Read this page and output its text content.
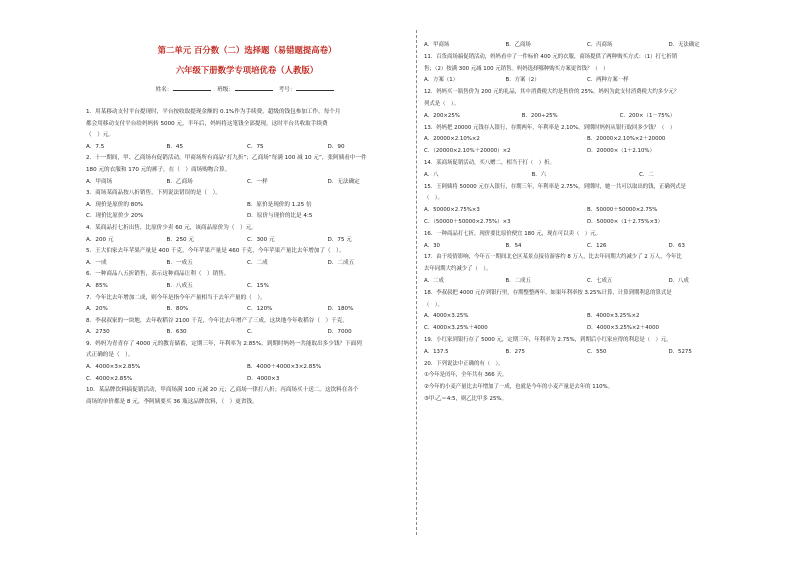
第二单元 百分数（二）选择题（易错题提高卷）
六年级下册数学专项培优卷（人教版）
姓名：	班级：	考号：
1．用某移动支付平台提现时，平台按收取提现金额的 0.1%作为手续费，超级的钱包参加工作，每个月
都会用移动支付平台给妈妈转 5000 元，半年后，妈妈将这笔钱全部提现，这时平台共收取手续费
（　）元。
A．7.5	B．45	C．75	D．90
2．十一期间，甲、乙商场有促销活动，甲商场所有商品“打九折”；乙商场“每满 100 减 10 元”，张阿姨看中一件
180 元的衣服和 170 元的裤子，在（　）商场购物合算。
A．甲商场	B．乙商场	C．一样	D．无法确定
3．商场某商品按八折销售，下列说法错误的是（　）。
A．现价是原价的 80%	B．原价是现价的 1.25 倍
C．现价比原价少 20%	D．原价与现价的比是 4:5
4．某商品打七折出售，比原价少卖 60 元，该商品原价为（　）元。
A．200 元	B．250 元	C．300 元	D．75 元
5．王大伯家去年苹果产量是 400 千克，今年苹果产量是 460 千克，今年苹果产量比去年增加了（　）。
A．一成	B．一成五	C．二成	D．二成五
6．一种商品八五折销售，表示这种商品让利（　）销售。
A．85%	B．八成五	C．15%
7．今年比去年增加二成，则今年是指今年产量相当于去年产量的（　）。
A．20%	B．80%	C．120%	D．180%
8．李叔叔家的一块地，去年收稻谷 2100 千克，今年比去年增产了三成，这块地今年收稻谷（　）千克。
A．2730	B．630	C．	D．7000
9．妈妈为青青存了 4000 元的教育储蓄，定期三年，年利率为 2.85%，到期时妈妈一共能取出多少钱？下面列
式正确的是（　）。
A．4000×3×2.85%	B．4000＋4000×3×2.85%
C．4000×2.85%	D．4000×3
10．某品牌饮料搞促销活动，甲商场满 100 元减 20 元；乙商场一律打八折；丙商场买十送二。这饮料在各个
商场的单价都是 8 元，李阿姨要买 36 瓶这品牌饮料，（　）更省钱。
A．甲商场	B．乙商场	C．丙商场	D．无法确定
11．百货商场搞促销活动，妈妈看中了一件标价 400 元的衣服，商场提供了两种购买方式：（1）打七折销
售；（2）按满 300 元减 100 元销售。妈妈选择哪种购买方案更省钱？（　）
A．方案（1）	B．方案（2）	C．两种方案一样
12．妈妈买一瓶售价为 200 元的礼品，其中消费税大约是售价的 25%。妈妈为此支付消费税大约多少元？
列式是（　）。
A．200×25%	B．200÷25%	C．200×（1－75%）
13．妈妈把 20000 元钱存入银行，存期两年，年利率是 2.10%，到期时妈妈从银行取回多少钱？（　）
A．20000×2.10%×2	B．20000×2.10%×2＋20000
C．（20000×2.10%＋20000）×2	D．20000×（1＋2.10%）
14．某商场促销活动，买八赠二，相当于打（　）折。
A．八	B．六	C．二
15．王阿姨将 50000 元存入银行，存期三年，年利率是 2.75%，到期时，她一共可以取出的钱，正确列式是
（　）。
A．50000×2.75%×3	B．50000＋50000×2.75%
C．（50000＋50000×2.75%）×3	D．50000×（1＋2.75%×3）
16．一种商品打七折，现价要比原价便宜 180 元，现在可以卖（　）元。
A．30	B．54	C．126	D．63
17．由于疫情影响，今年五一期间北仑区某景点接待游客约 8 万人，比去年同期大约减少了 2 万人，今年比
去年同期大约减少了（　）。
A．二成	B．二成五	C．七成五	D．八成
18．李叔叔把 4000 元存到银行里，存期整整两年。如果年利率按 3.25%计算，计算到期利息的算式是
（　）。
A．4000×3.25%	B．4000×3.25%×2
C．4000×3.25%＋4000	D．4000×3.25%×2＋4000
19．小红家到银行存了 5000 元，定期三年，年利率为 2.75%，到期后小红家应得的利息是（　）元。
A．137.5	B．275	C．550	D．5275
20．下列说法中正确的有（　）。
①今年是闰年，全年共有 366 天。
②今年的小麦产量比去年增加了一成，也就是今年的小麦产量是去年的 110%。
③甲:乙＝4:5，则乙比甲多 25%。
